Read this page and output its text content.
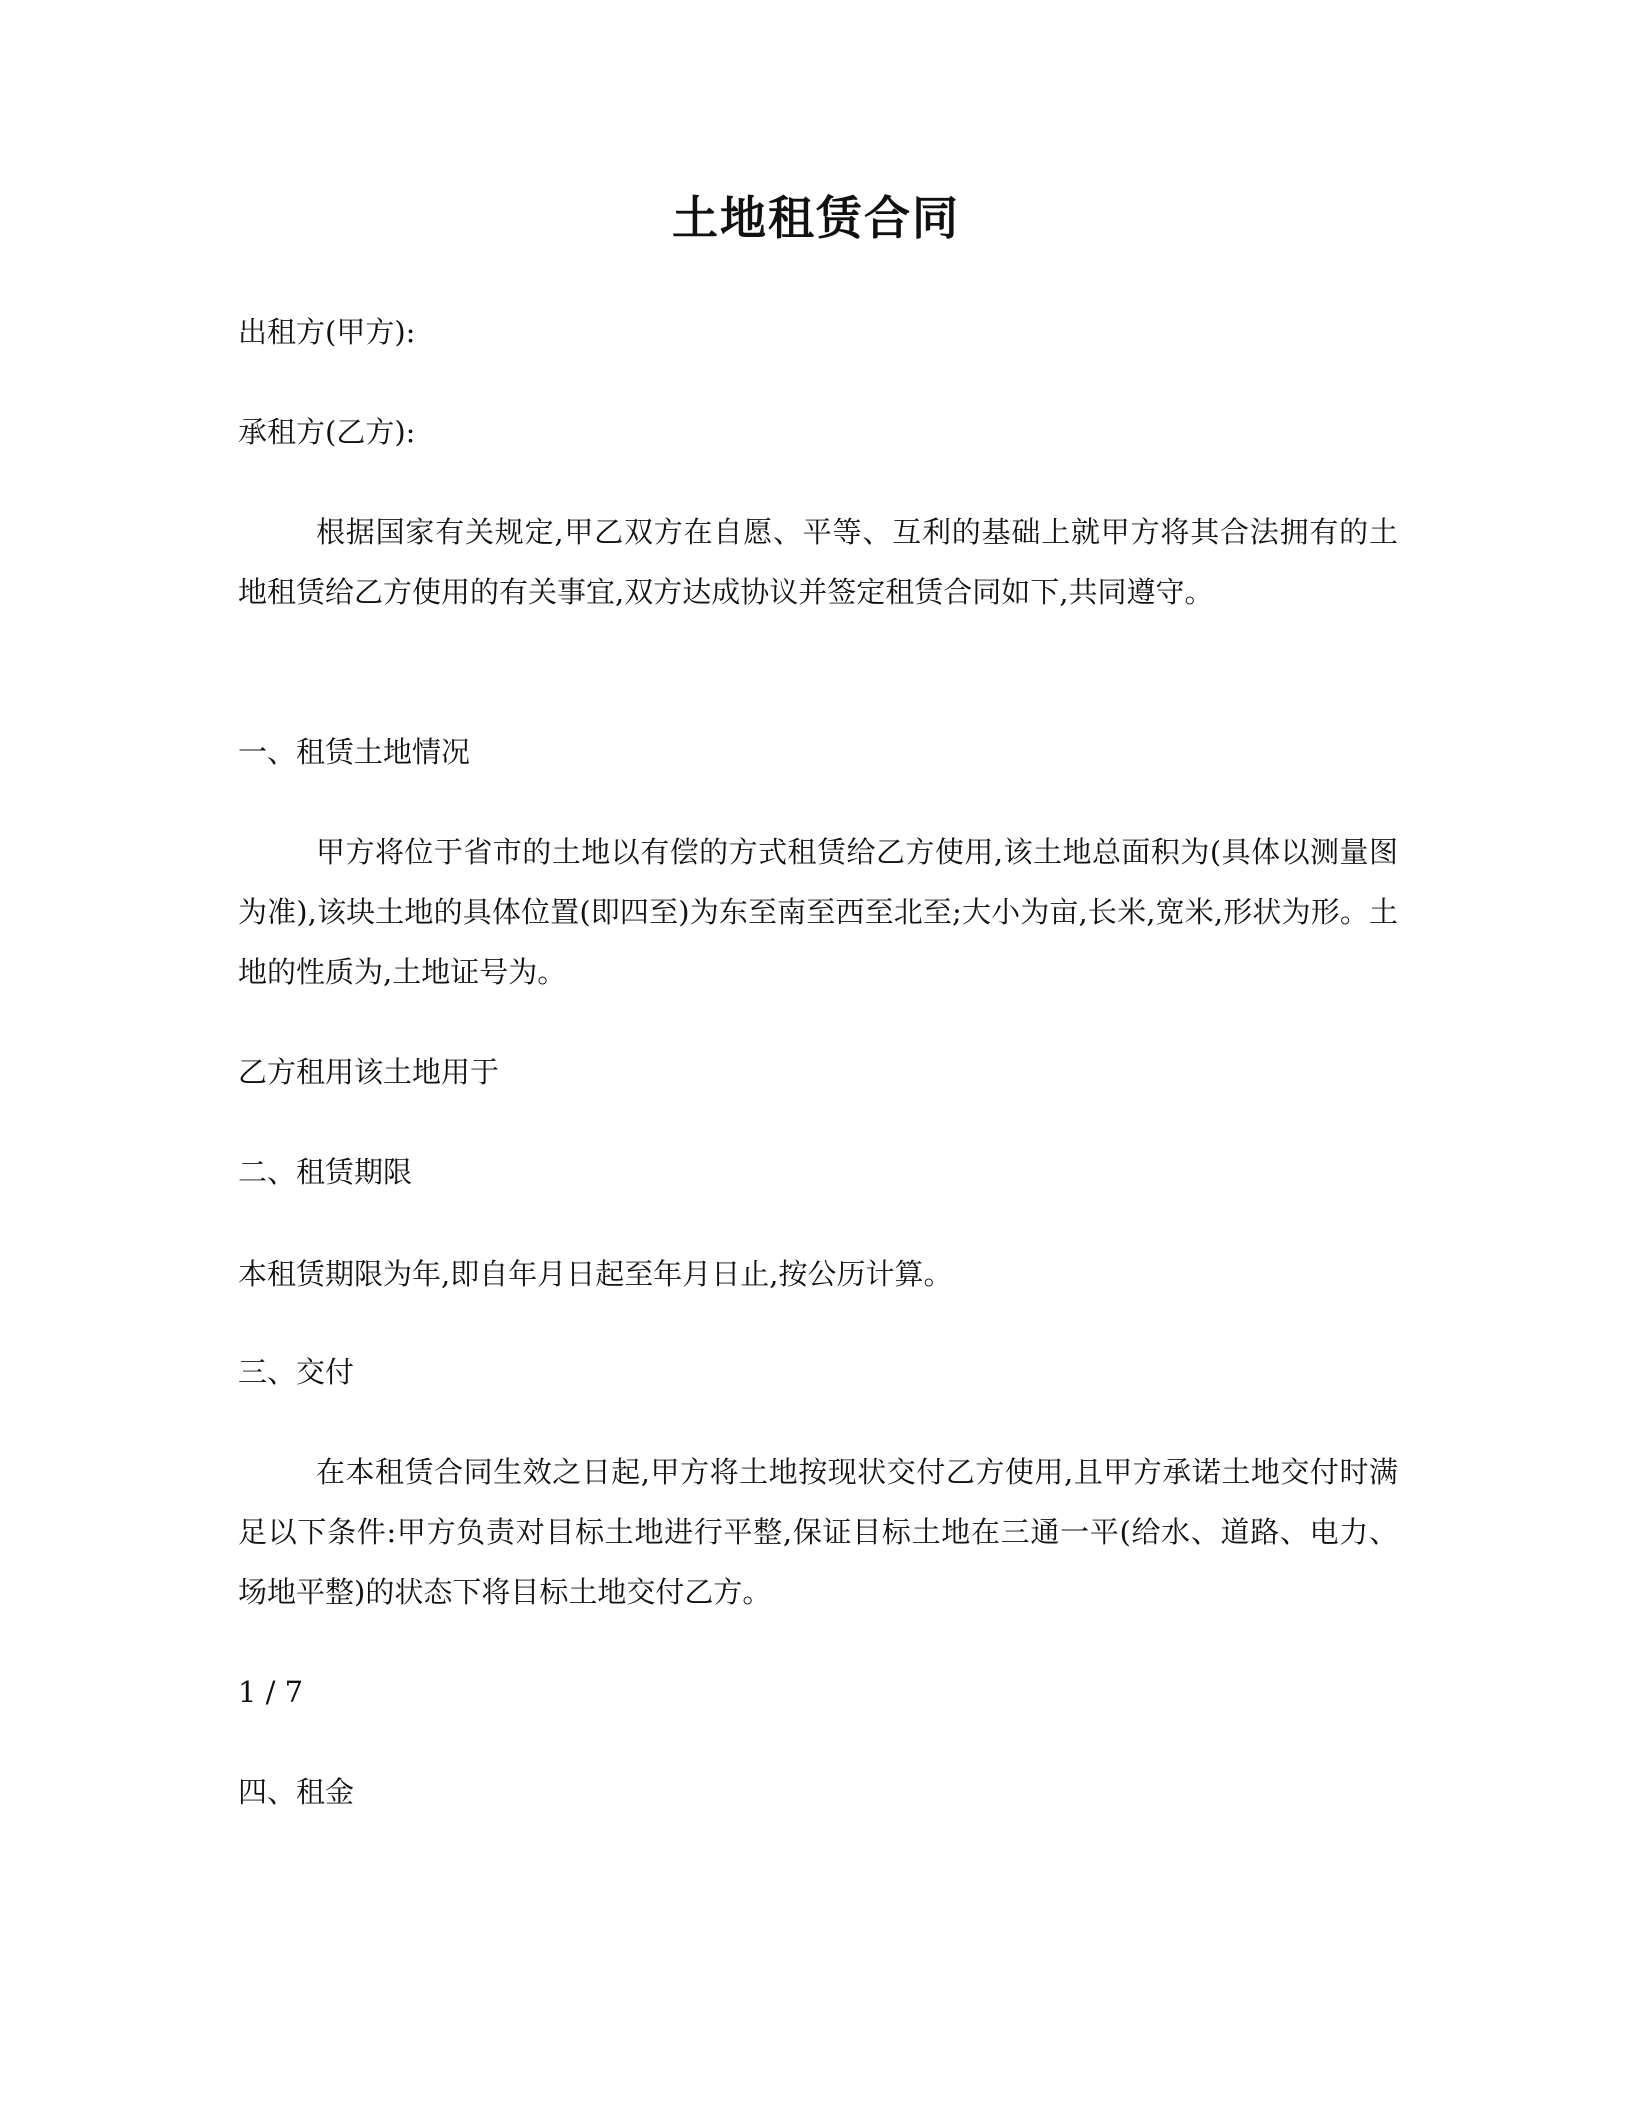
土地租赁合同
出租方(甲方):
承租方(乙方):
根据国家有关规定,甲乙双方在自愿、平等、互利的基础上就甲方将其合法拥有的土地租赁给乙方使用的有关事宜,双方达成协议并签定租赁合同如下,共同遵守。
一、租赁土地情况
甲方将位于省市的土地以有偿的方式租赁给乙方使用,该土地总面积为(具体以测量图为准),该块土地的具体位置(即四至)为东至南至西至北至;大小为亩,长米,宽米,形状为形。土地的性质为,土地证号为。
乙方租用该土地用于
二、租赁期限
本租赁期限为年,即自年月日起至年月日止,按公历计算。
三、交付
在本租赁合同生效之日起,甲方将土地按现状交付乙方使用,且甲方承诺土地交付时满足以下条件:甲方负责对目标土地进行平整,保证目标土地在三通一平(给水、道路、电力、场地平整)的状态下将目标土地交付乙方。
1 / 7
四、租金
